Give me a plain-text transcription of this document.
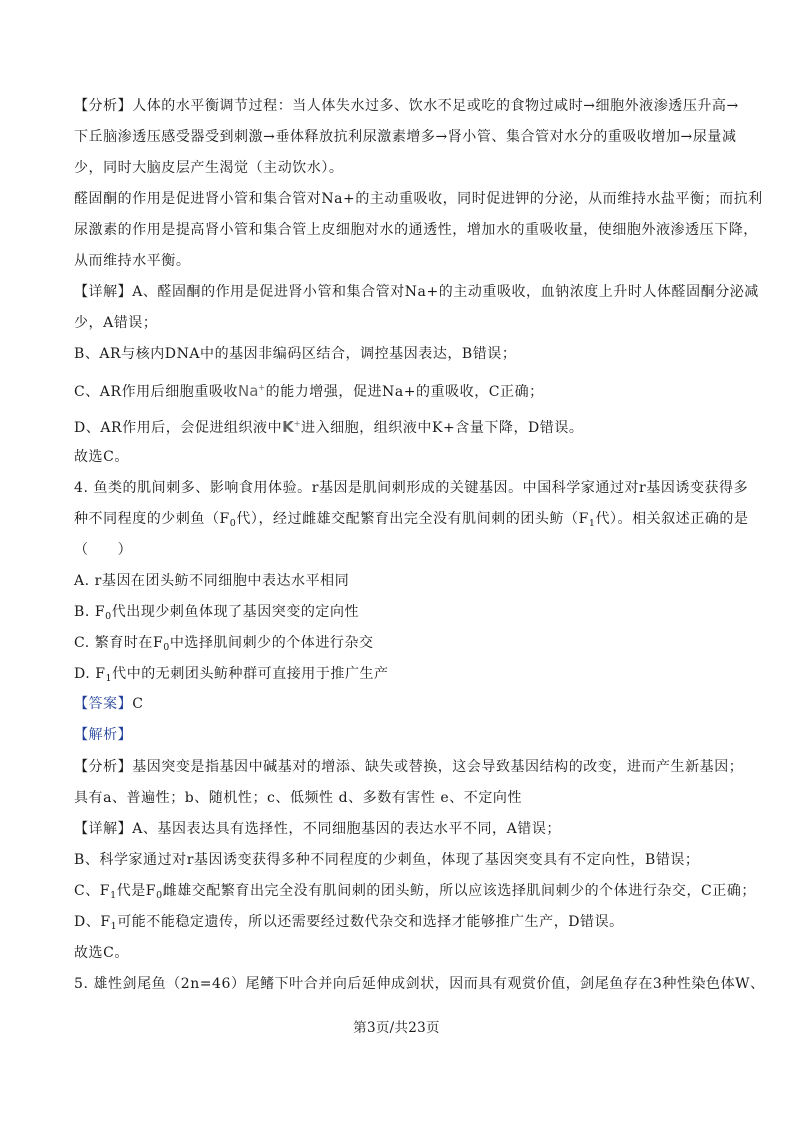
【分析】人体的水平衡调节过程：当人体失水过多、饮水不足或吃的食物过咸时→细胞外液渗透压升高→
下丘脑渗透压感受器受到刺激→垂体释放抗利尿激素增多→肾小管、集合管对水分的重吸收增加→尿量减
少，同时大脑皮层产生渴觉（主动饮水）。
醛固酮的作用是促进肾小管和集合管对Na+的主动重吸收，同时促进钾的分泌，从而维持水盐平衡；而抗利
尿激素的作用是提高肾小管和集合管上皮细胞对水的通透性，增加水的重吸收量，使细胞外液渗透压下降，
从而维持水平衡。
【详解】A、醛固酮的作用是促进肾小管和集合管对Na+的主动重吸收，血钠浓度上升时人体醛固酮分泌减
少，A错误；
B、AR与核内DNA中的基因非编码区结合，调控基因表达，B错误；
C、AR作用后细胞重吸收Na+的能力增强，促进Na+的重吸收，C正确；
D、AR作用后，会促进组织液中K+进入细胞，组织液中K+含量下降，D错误。
故选C。
4. 鱼类的肌间刺多、影响食用体验。r基因是肌间刺形成的关键基因。中国科学家通过对r基因诱变获得多
种不同程度的少刺鱼（$F_0$代），经过雌雄交配繁育出完全没有肌间刺的团头鲂（$F_1$代）。相关叙述正确的是
（　　）
A. r基因在团头鲂不同细胞中表达水平相同
B. $F_0$代出现少刺鱼体现了基因突变的定向性
C. 繁育时在$F_0$中选择肌间刺少的个体进行杂交
D. $F_1$代中的无刺团头鲂种群可直接用于推广生产
【答案】C
【解析】
【分析】基因突变是指基因中碱基对的增添、缺失或替换，这会导致基因结构的改变，进而产生新基因；
具有a、普遍性；b、随机性；c、低频性 d、多数有害性 e、不定向性
【详解】A、基因表达具有选择性，不同细胞基因的表达水平不同，A错误；
B、科学家通过对r基因诱变获得多种不同程度的少刺鱼，体现了基因突变具有不定向性，B错误；
C、$F_1$代是$F_0$雌雄交配繁育出完全没有肌间刺的团头鲂，所以应该选择肌间刺少的个体进行杂交，C正确；
D、$F_1$可能不能稳定遗传，所以还需要经过数代杂交和选择才能够推广生产，D错误。
故选C。
5. 雄性剑尾鱼（2n=46）尾鳍下叶合并向后延伸成剑状，因而具有观赏价值，剑尾鱼存在3种性染色体W、
第3页/共23页
